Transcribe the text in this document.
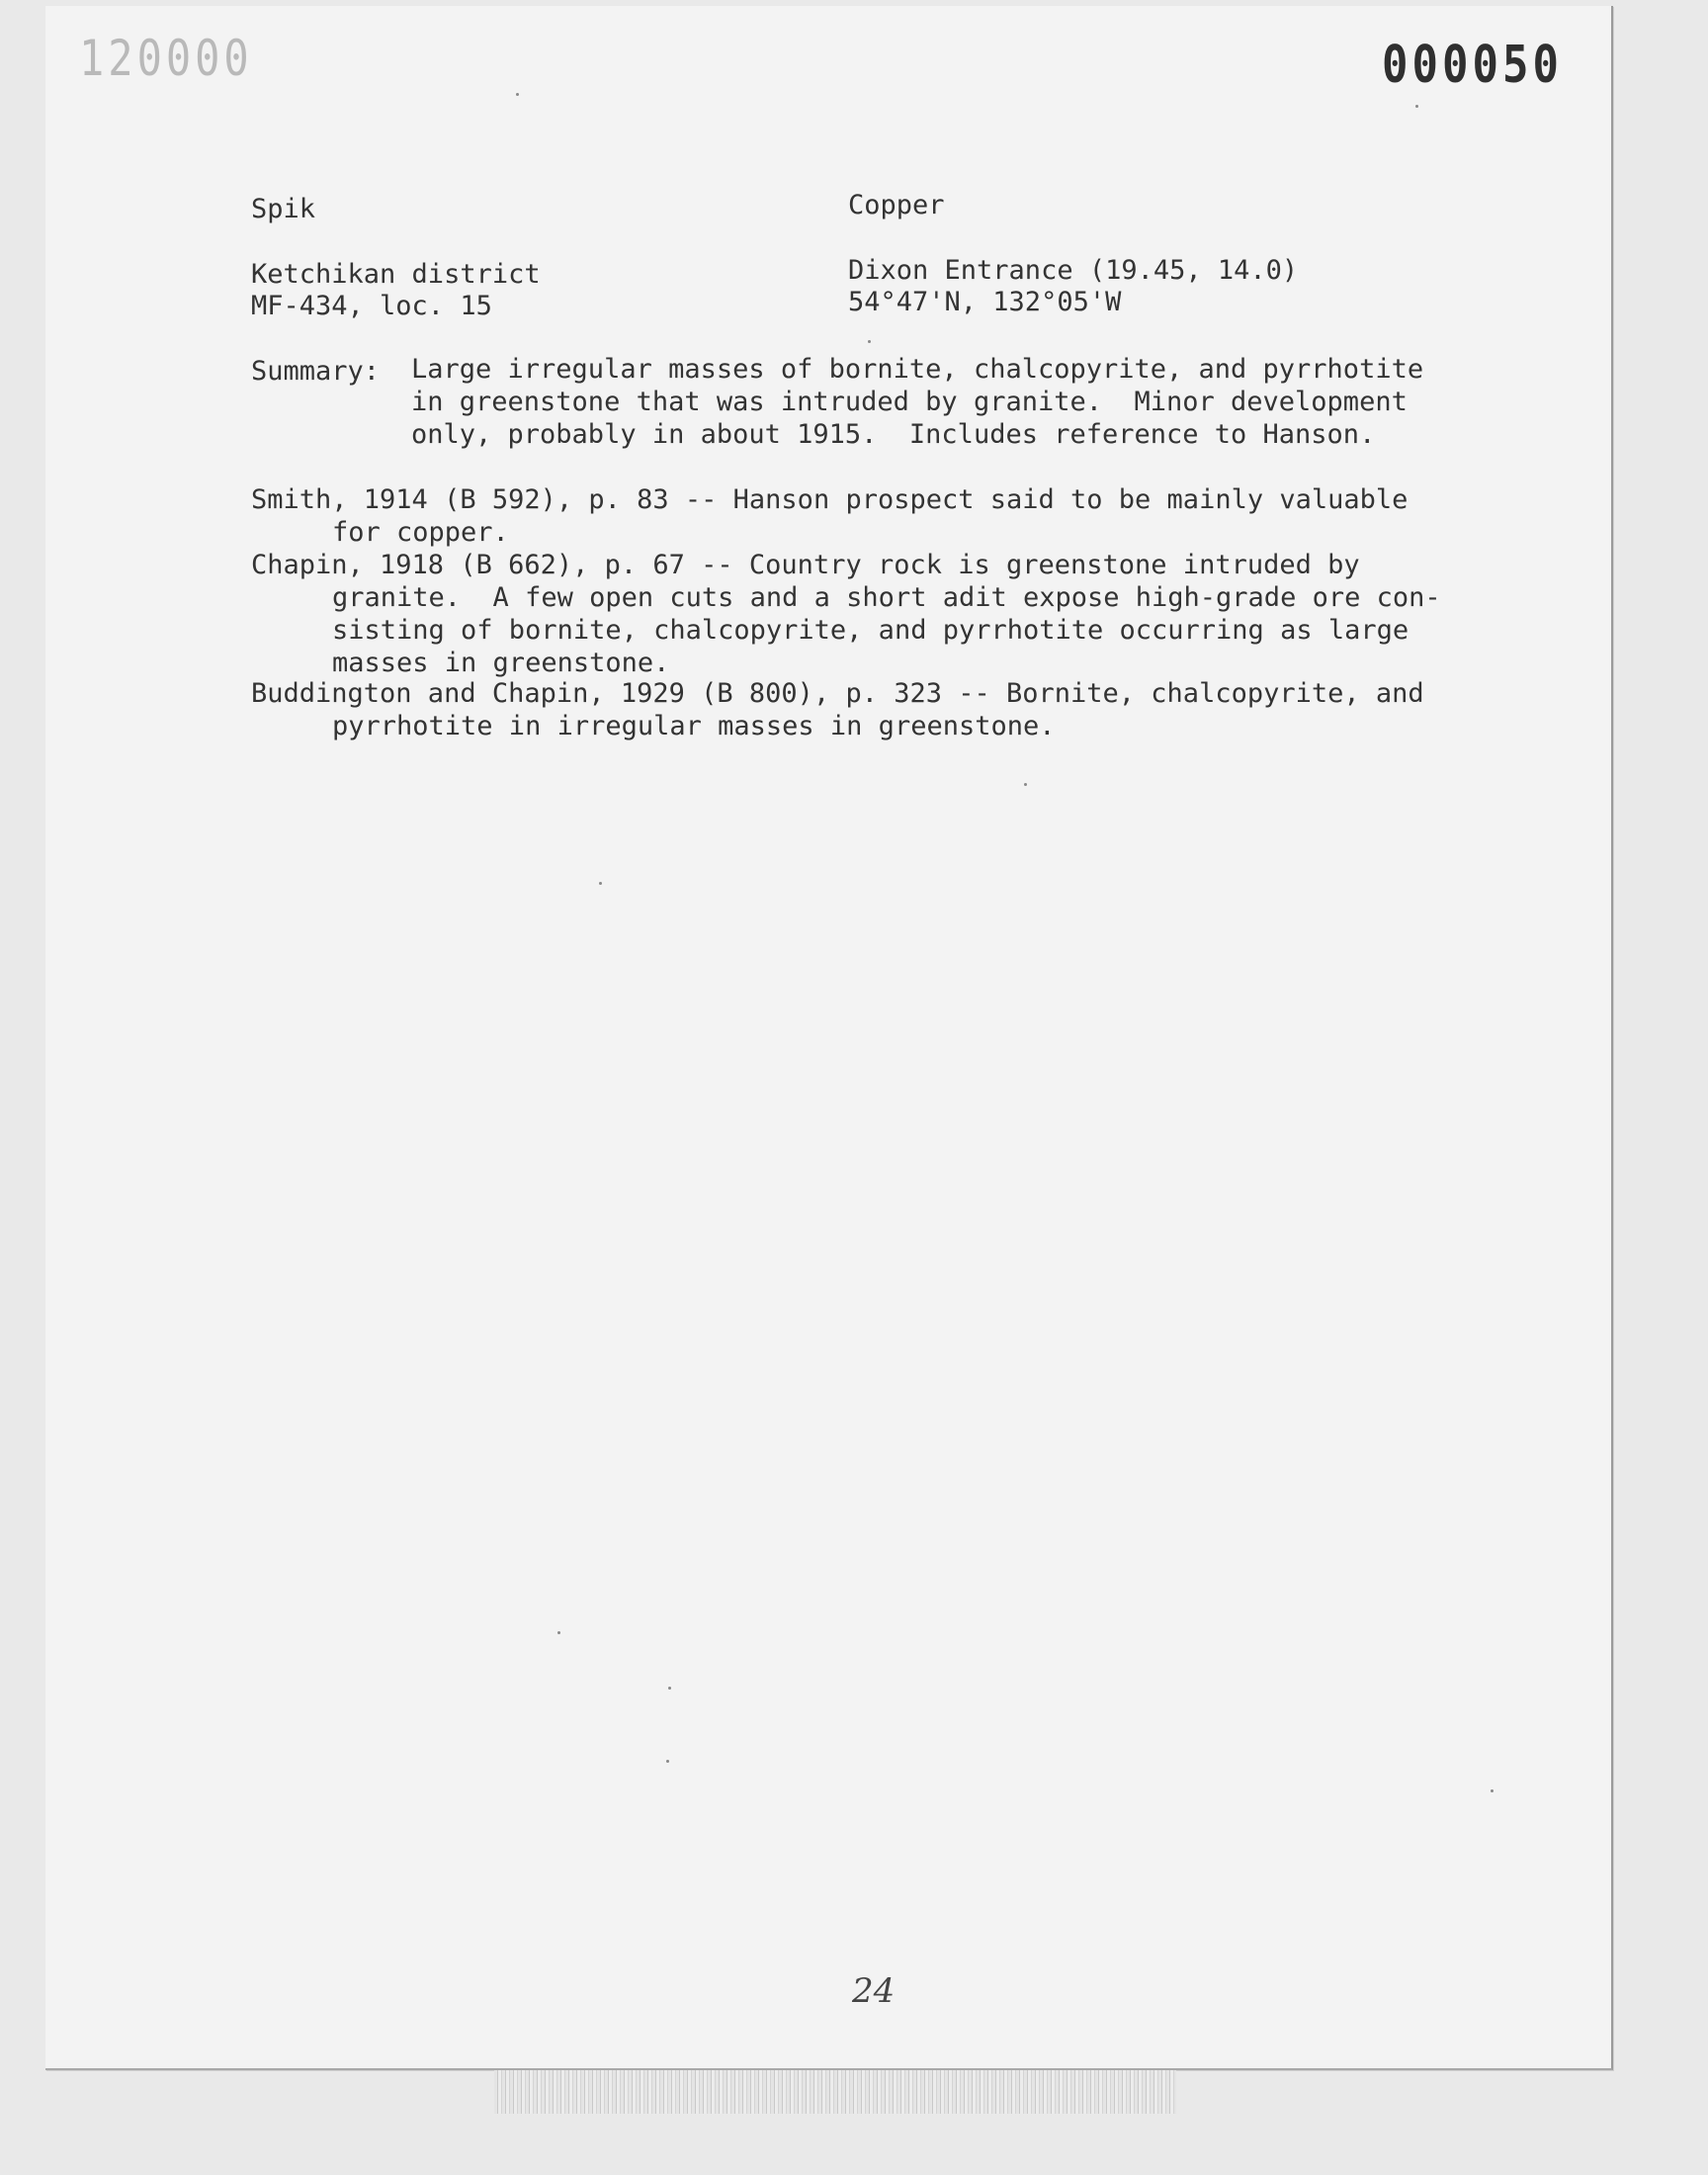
120000	000050
Spik	Copper
Ketchikan district	Dixon Entrance (19.45, 14.0)
MF-434, loc. 15	54°47'N, 132°05'W
Summary: Large irregular masses of bornite, chalcopyrite, and pyrrhotite
in greenstone that was intruded by granite.  Minor development
only, probably in about 1915.  Includes reference to Hanson.
Smith, 1914 (B 592), p. 83 -- Hanson prospect said to be mainly valuable
for copper.
Chapin, 1918 (B 662), p. 67 -- Country rock is greenstone intruded by
granite.  A few open cuts and a short adit expose high-grade ore con-
sisting of bornite, chalcopyrite, and pyrrhotite occurring as large
masses in greenstone.
Buddington and Chapin, 1929 (B 800), p. 323 -- Bornite, chalcopyrite, and
pyrrhotite in irregular masses in greenstone.
24
